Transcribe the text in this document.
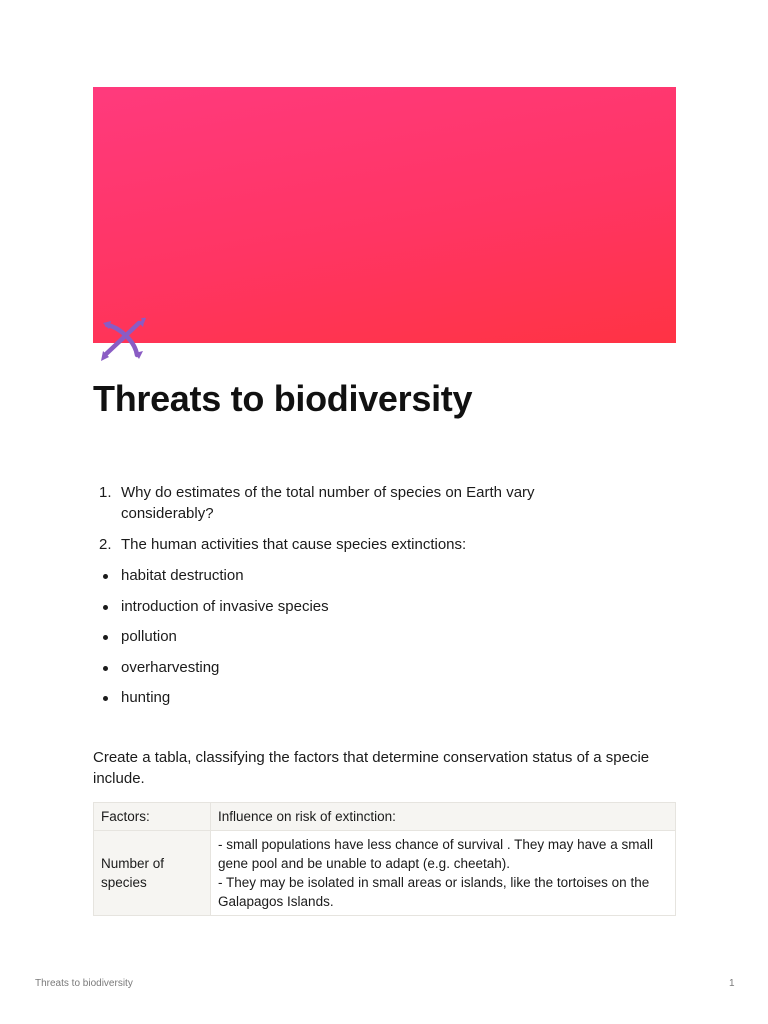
Threats to biodiversity
1. Why do estimates of the total number of species on Earth vary considerably?
2. The human activities that cause species extinctions:
habitat destruction
introduction of invasive species
pollution
overharvesting
hunting

Create a tabla, classifying the factors that determine conservation status of a specie include.

Factors:	Influence on risk of extinction:
Number of species	- small populations have less chance of survival . They may have a small gene pool and be unable to adapt (e.g. cheetah).
- They may be isolated in small areas or islands, like the tortoises on the Galapagos Islands.
Threats to biodiversity	1
